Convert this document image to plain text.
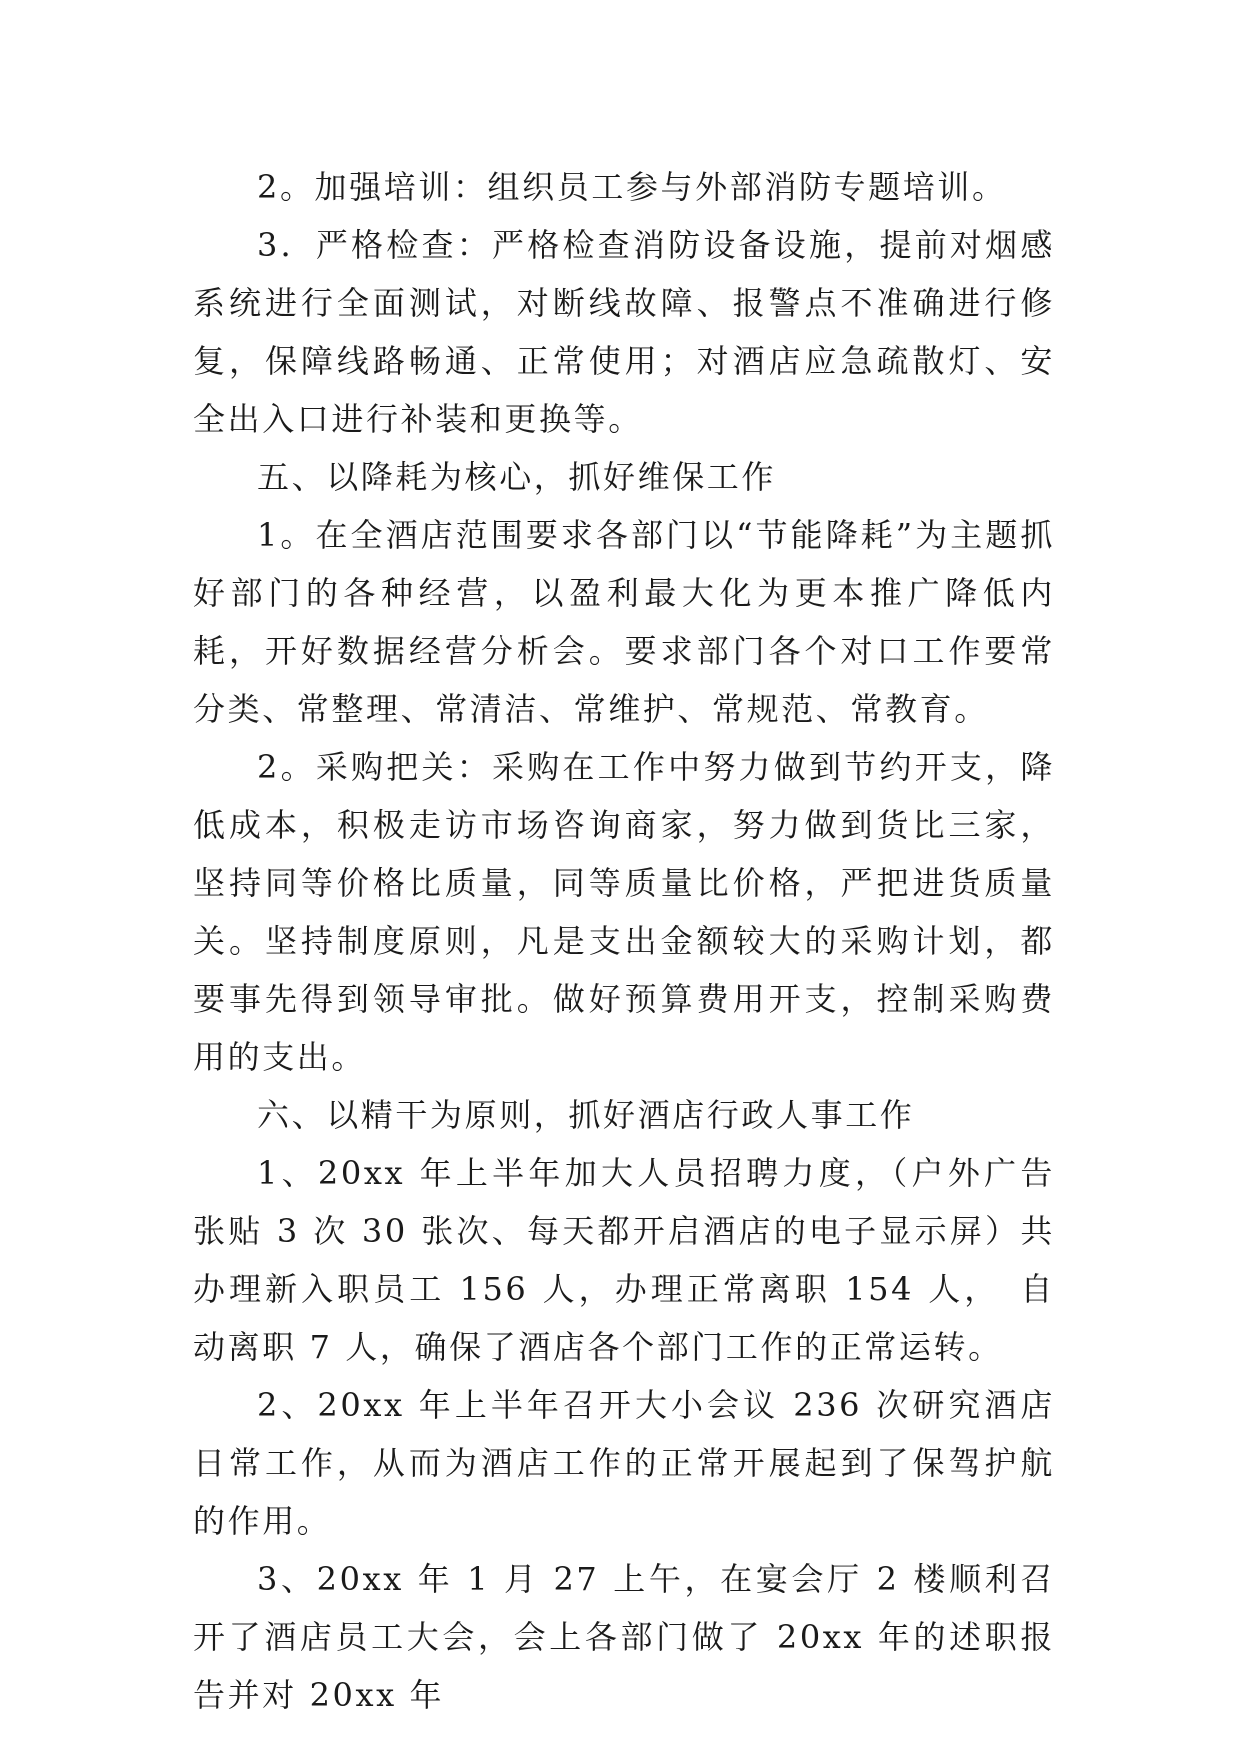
2。加强培训：组织员工参与外部消防专题培训。

3．严格检查：严格检查消防设备设施，提前对烟感系统进行全面测试，对断线故障、报警点不准确进行修复，保障线路畅通、正常使用；对酒店应急疏散灯、安全出入口进行补装和更换等。

五、以降耗为核心，抓好维保工作

1。在全酒店范围要求各部门以“节能降耗”为主题抓好部门的各种经营，以盈利最大化为更本推广降低内耗，开好数据经营分析会。要求部门各个对口工作要常分类、常整理、常清洁、常维护、常规范、常教育。

2。采购把关：采购在工作中努力做到节约开支，降低成本，积极走访市场咨询商家，努力做到货比三家，坚持同等价格比质量，同等质量比价格，严把进货质量关。坚持制度原则，凡是支出金额较大的采购计划，都要事先得到领导审批。做好预算费用开支，控制采购费用的支出。

六、以精干为原则，抓好酒店行政人事工作

1、20xx 年上半年加大人员招聘力度，（户外广告张贴 3 次 30 张次、每天都开启酒店的电子显示屏）共办理新入职员工 156 人，办理正常离职 154 人，　自动离职 7 人，确保了酒店各个部门工作的正常运转。

2、20xx 年上半年召开大小会议 236 次研究酒店日常工作，从而为酒店工作的正常开展起到了保驾护航的作用。

3、20xx 年 1 月 27 上午，在宴会厅 2 楼顺利召开了酒店员工大会，会上各部门做了 20xx 年的述职报告并对 20xx 年
